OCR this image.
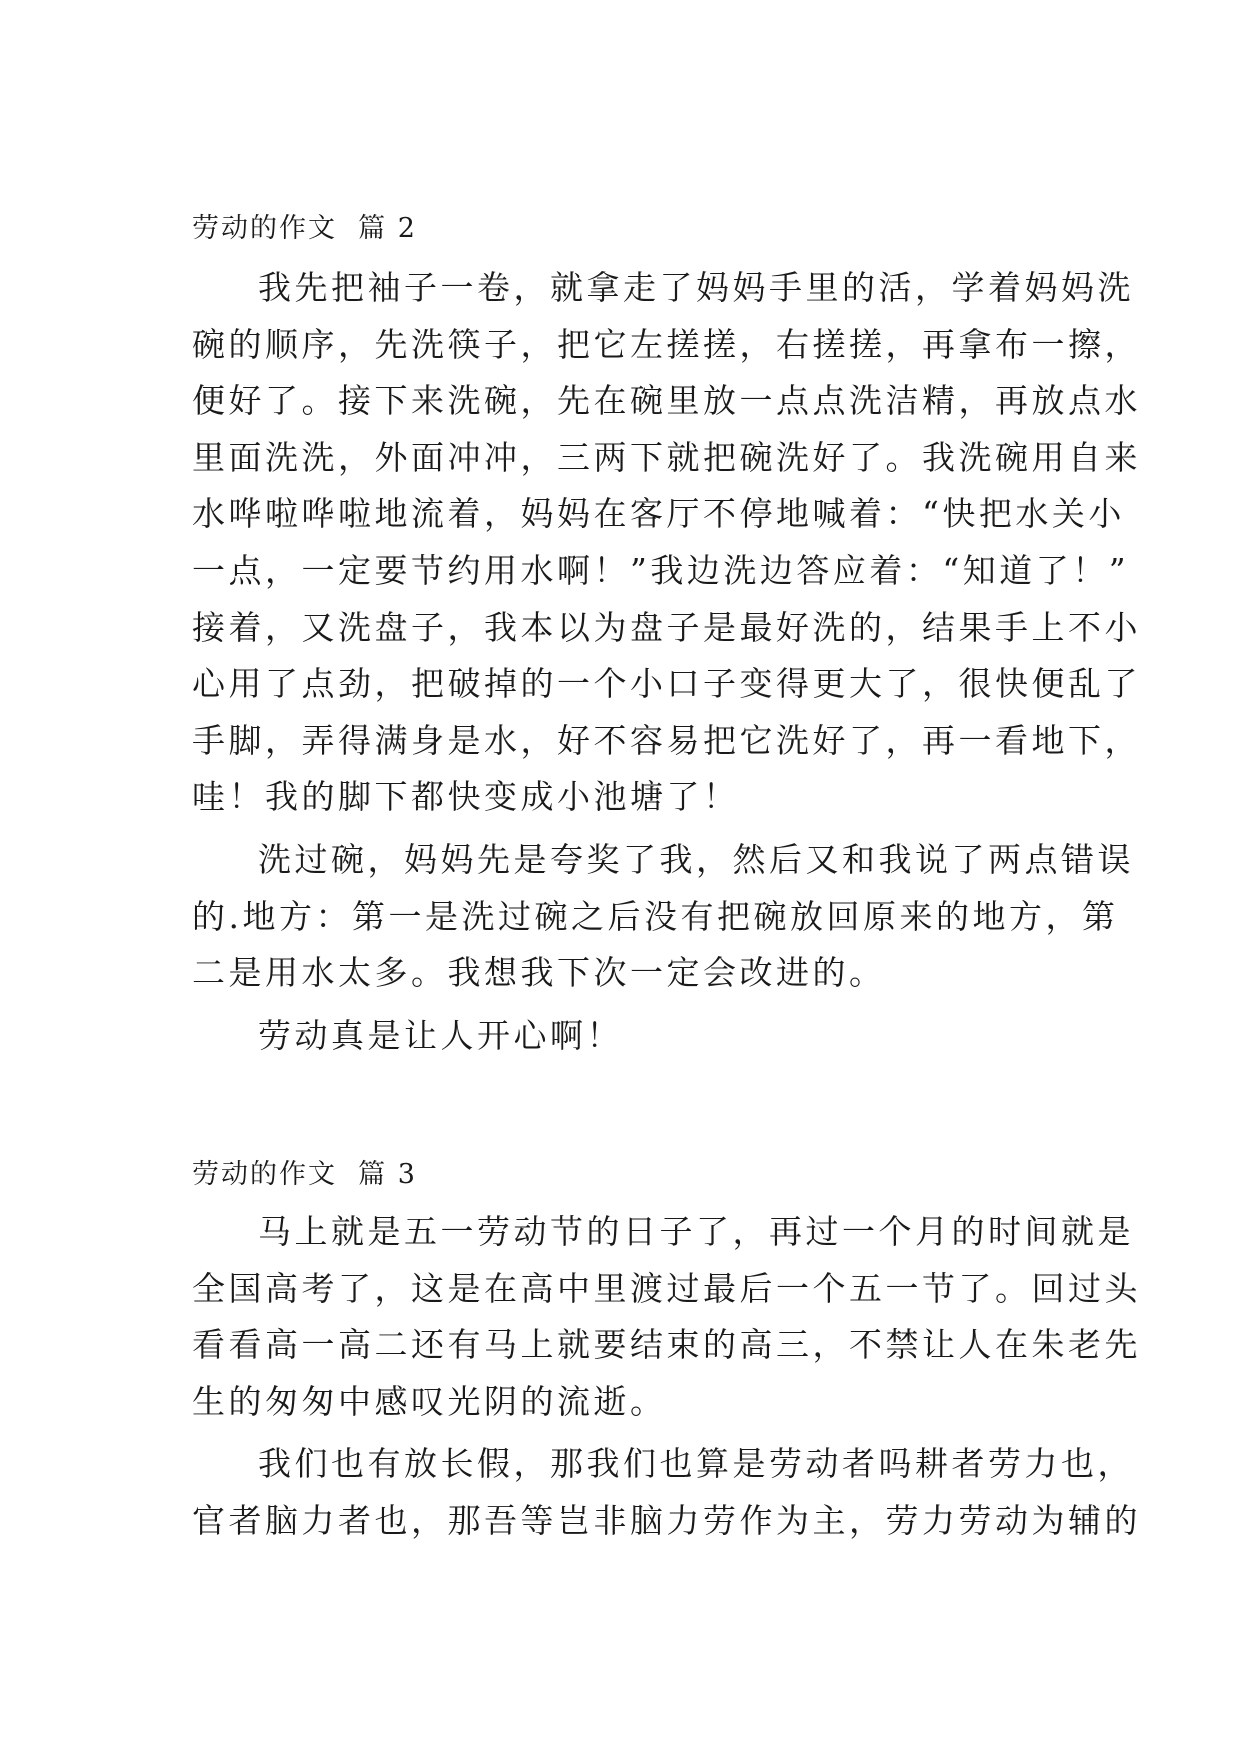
劳动的作文  篇 2
我先把袖子一卷，就拿走了妈妈手里的活，学着妈妈洗
碗的顺序，先洗筷子，把它左搓搓，右搓搓，再拿布一擦，
便好了。接下来洗碗，先在碗里放一点点洗洁精，再放点水
里面洗洗，外面冲冲，三两下就把碗洗好了。我洗碗用自来
水哗啦哗啦地流着，妈妈在客厅不停地喊着：“快把水关小
一点，一定要节约用水啊！”我边洗边答应着：“知道了！”
接着，又洗盘子，我本以为盘子是最好洗的，结果手上不小
心用了点劲，把破掉的一个小口子变得更大了，很快便乱了
手脚，弄得满身是水，好不容易把它洗好了，再一看地下，
哇！我的脚下都快变成小池塘了！
洗过碗，妈妈先是夸奖了我，然后又和我说了两点错误
的.地方：第一是洗过碗之后没有把碗放回原来的地方，第
二是用水太多。我想我下次一定会改进的。
劳动真是让人开心啊！
劳动的作文  篇 3
马上就是五一劳动节的日子了，再过一个月的时间就是
全国高考了，这是在高中里渡过最后一个五一节了。回过头
看看高一高二还有马上就要结束的高三，不禁让人在朱老先
生的匆匆中感叹光阴的流逝。
我们也有放长假，那我们也算是劳动者吗耕者劳力也，
官者脑力者也，那吾等岂非脑力劳作为主，劳力劳动为辅的
